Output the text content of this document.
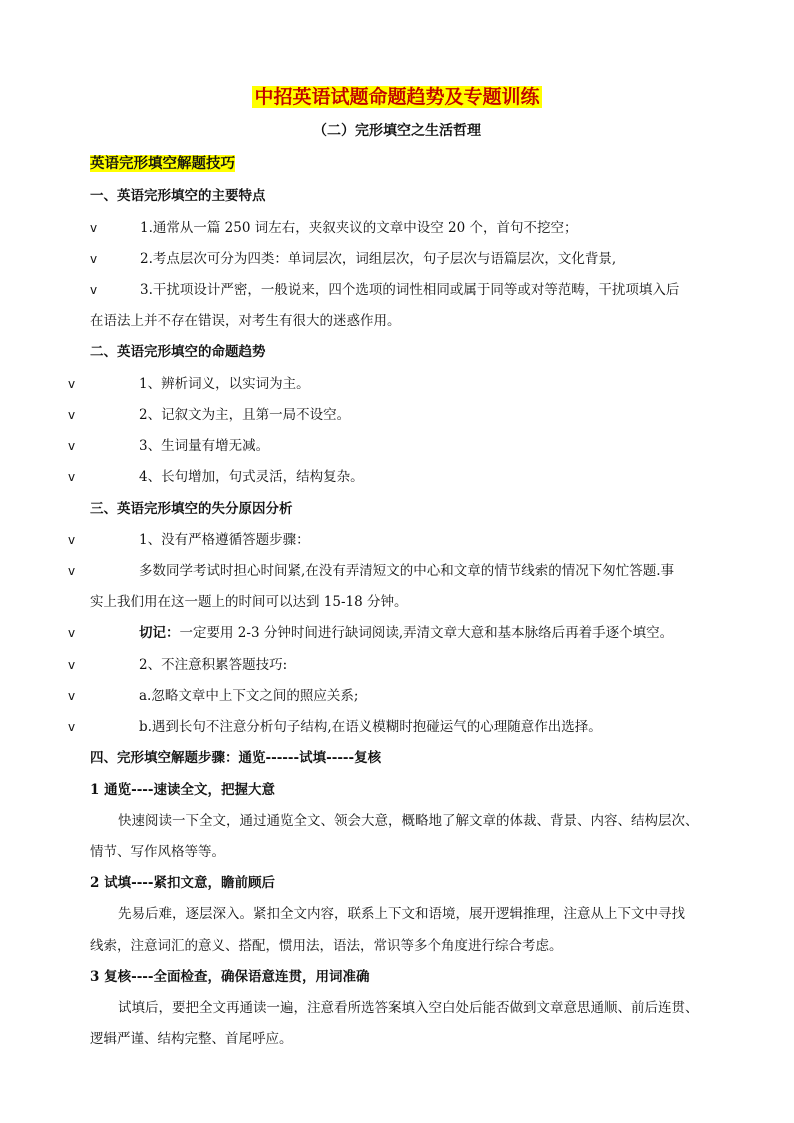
中招英语试题命题趋势及专题训练
（二）完形填空之生活哲理
英语完形填空解题技巧
一、英语完形填空的主要特点
v	1.通常从一篇 250 词左右，夹叙夹议的文章中设空 20 个，首句不挖空；
v	2.考点层次可分为四类：单词层次，词组层次，句子层次与语篇层次，文化背景,
v	3.干扰项设计严密，一般说来，四个选项的词性相同或属于同等或对等范畴，干扰项填入后
在语法上并不存在错误，对考生有很大的迷惑作用。
二、英语完形填空的命题趋势
v	1、辨析词义，以实词为主。
v	2、记叙文为主，且第一局不设空。
v	3、生词量有增无减。
v	4、长句增加，句式灵活，结构复杂。
三、英语完形填空的失分原因分析
v	1、没有严格遵循答题步骤：
v	多数同学考试时担心时间紧,在没有弄清短文的中心和文章的情节线索的情况下匆忙答题.事
实上我们用在这一题上的时间可以达到 15-18 分钟。
v	切记：一定要用 2-3 分钟时间进行缺词阅读,弄清文章大意和基本脉络后再着手逐个填空。
v	2、不注意积累答题技巧:
v	a.忽略文章中上下文之间的照应关系;
v	b.遇到长句不注意分析句子结构,在语义模糊时抱碰运气的心理随意作出选择。
四、完形填空解题步骤：通览------试填-----复核
1 通览----速读全文，把握大意
快速阅读一下全文，通过通览全文、领会大意，概略地了解文章的体裁、背景、内容、结构层次、
情节、写作风格等等。
2 试填----紧扣文意，瞻前顾后
先易后难，逐层深入。紧扣全文内容，联系上下文和语境，展开逻辑推理，注意从上下文中寻找
线索，注意词汇的意义、搭配，惯用法，语法，常识等多个角度进行综合考虑。
3 复核----全面检查，确保语意连贯，用词准确
试填后，要把全文再通读一遍，注意看所选答案填入空白处后能否做到文章意思通顺、前后连贯、
逻辑严谨、结构完整、首尾呼应。
